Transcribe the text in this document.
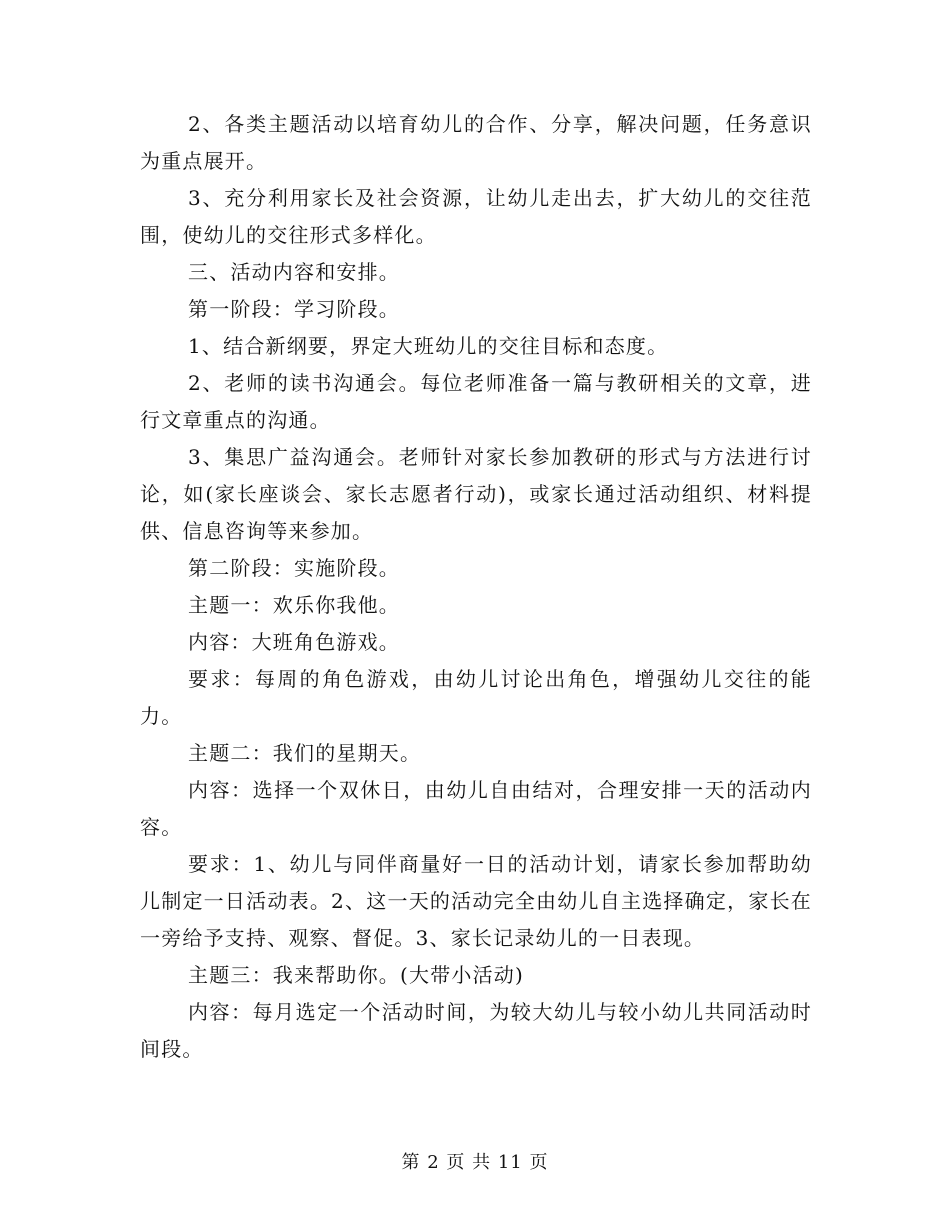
2、各类主题活动以培育幼儿的合作、分享，解决问题，任务意识为重点展开。

3、充分利用家长及社会资源，让幼儿走出去，扩大幼儿的交往范围，使幼儿的交往形式多样化。

三、活动内容和安排。

第一阶段：学习阶段。

1、结合新纲要，界定大班幼儿的交往目标和态度。

2、老师的读书沟通会。每位老师准备一篇与教研相关的文章，进行文章重点的沟通。

3、集思广益沟通会。老师针对家长参加教研的形式与方法进行讨论，如(家长座谈会、家长志愿者行动)，或家长通过活动组织、材料提供、信息咨询等来参加。

第二阶段：实施阶段。

主题一：欢乐你我他。

内容：大班角色游戏。

要求：每周的角色游戏，由幼儿讨论出角色，增强幼儿交往的能力。

主题二：我们的星期天。

内容：选择一个双休日，由幼儿自由结对，合理安排一天的活动内容。

要求：1、幼儿与同伴商量好一日的活动计划，请家长参加帮助幼儿制定一日活动表。2、这一天的活动完全由幼儿自主选择确定，家长在一旁给予支持、观察、督促。3、家长记录幼儿的一日表现。

主题三：我来帮助你。(大带小活动)

内容：每月选定一个活动时间，为较大幼儿与较小幼儿共同活动时间段。

第 2 页 共 11 页
